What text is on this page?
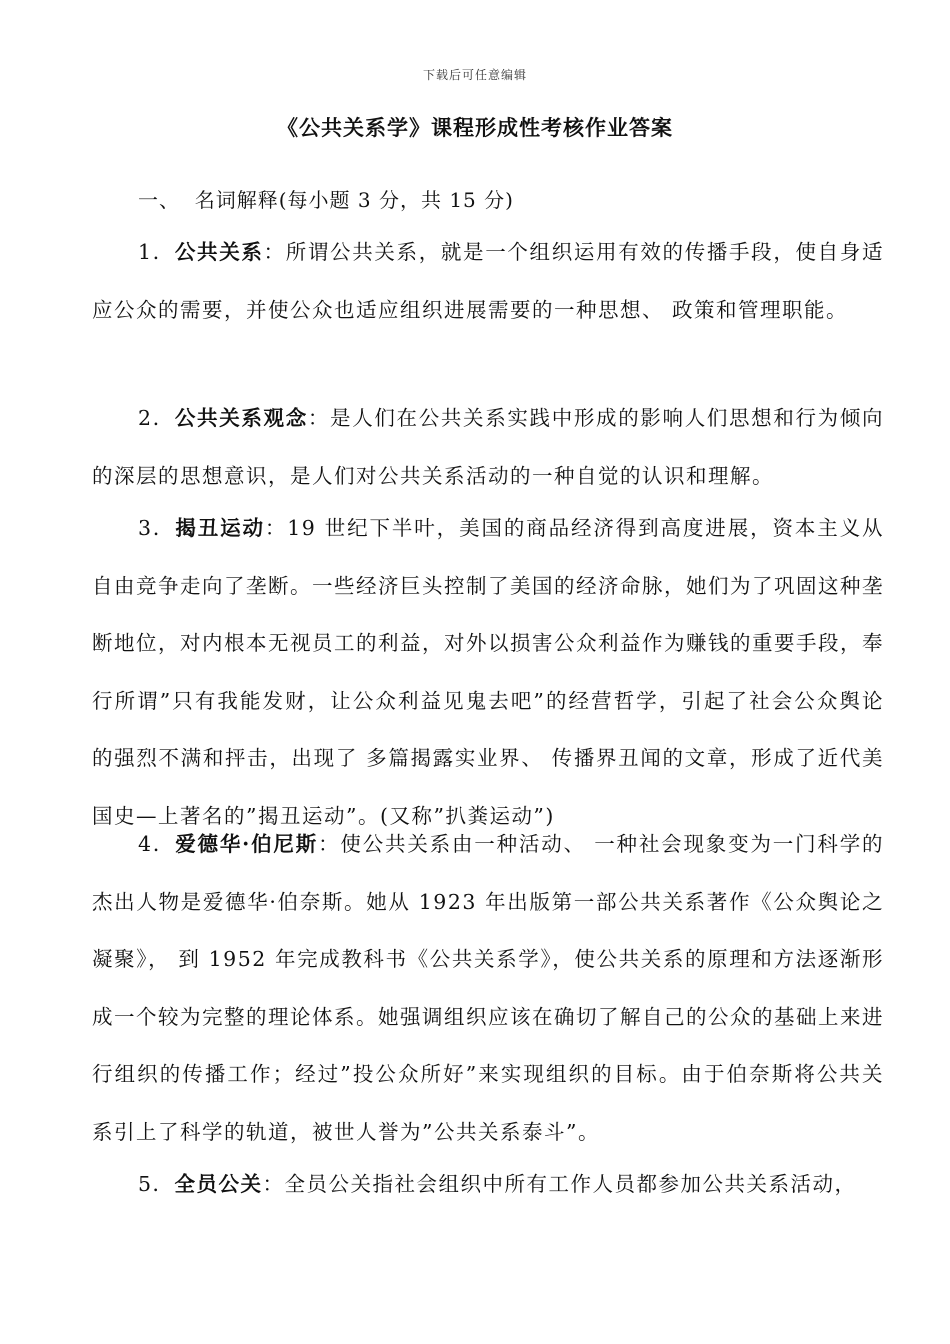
下载后可任意编辑
《公共关系学》课程形成性考核作业答案
一、  名词解释(每小题 3 分，共 15 分)

1．公共关系：所谓公共关系，就是一个组织运用有效的传播手段，使自身适应公众的需要，并使公众也适应组织进展需要的一种思想、 政策和管理职能。

2．公共关系观念：是人们在公共关系实践中形成的影响人们思想和行为倾向的深层的思想意识，是人们对公共关系活动的一种自觉的认识和理解。

3．揭丑运动：19 世纪下半叶，美国的商品经济得到高度进展，资本主义从自由竞争走向了垄断。一些经济巨头控制了美国的经济命脉，她们为了巩固这种垄断地位，对内根本无视员工的利益，对外以损害公众利益作为赚钱的重要手段，奉行所谓”只有我能发财，让公众利益见鬼去吧”的经营哲学，引起了社会公众舆论的强烈不满和抨击，出现了 多篇揭露实业界、 传播界丑闻的文章，形成了近代美国史—上著名的”揭丑运动”。(又称”扒粪运动”)

4．爱德华·伯尼斯：使公共关系由一种活动、 一种社会现象变为一门科学的杰出人物是爱德华·伯奈斯。她从 1923 年出版第一部公共关系著作《公众舆论之凝聚》， 到 1952 年完成教科书《公共关系学》，使公共关系的原理和方法逐渐形成一个较为完整的理论体系。她强调组织应该在确切了解自己的公众的基础上来进行组织的传播工作；经过”投公众所好”来实现组织的目标。由于伯奈斯将公共关系引上了科学的轨道，被世人誉为”公共关系泰斗”。

5．全员公关：全员公关指社会组织中所有工作人员都参加公共关系活动，
